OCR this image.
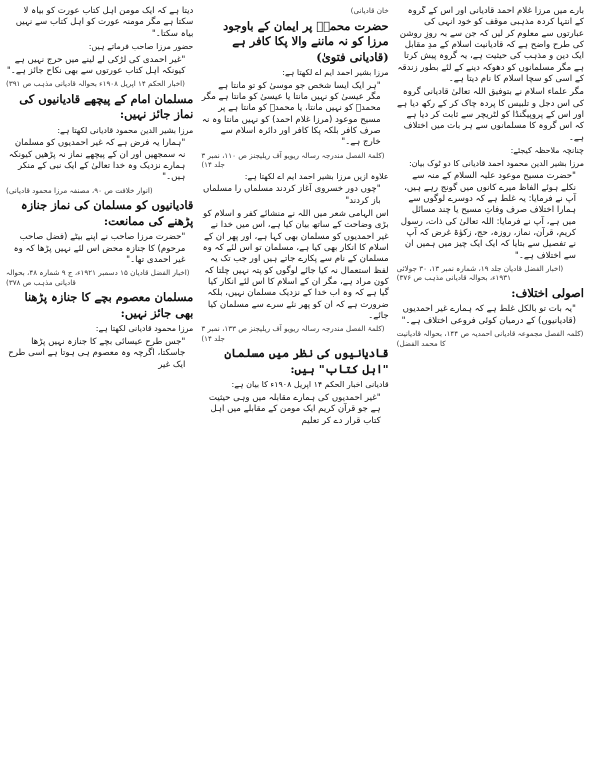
بارے میں مرزا غلام احمد قادیانی اور اس کے گروہ کے انتہا کردہ مذہبی موقف کو خود انہی کی عبارتوں سے معلوم کر لیں کہ جن سے بہ روزِ روشن کی طرح واضح ہے کہ قادیانیت اسلام کے مدِ مقابل ایک دین و مذہب کی حیثیت ہے، یہ گروہ پیش کرتا ہے مگر مسلمانوں کو دھوکہ دینے کے لئے بطور زندقہ کے اسی کو سچا اسلام کا نام دیتا ہے۔

مگر علماء اسلام نے بتوفیق اللہ تعالیٰ قادیانی گروہ کی اس دجل و تلبیس کا پردہ چاک کر کے رکھ دیا ہے اور اس کے پروپیگنڈا کو لٹریچر سے ثابت کر دیا ہے کہ اس گروہ کا مسلمانوں سے ہر بات میں اختلاف ہے۔

چنانچہ ملاحظہ کیجئے:

مرزا بشیر الدین محمود احمد قادیانی کا دو ٹوک بیان:

"حضرت مسیح موعود علیہ السلام کے منہ سے نکلے ہوئے الفاظ میرے کانوں میں گونج رہے ہیں، آپ نے فرمایا: یہ غلط ہے کہ دوسرے لوگوں سے ہمارا اختلاف صرف وفاتِ مسیح یا چند مسائل میں ہے، آپ نے فرمایا: اللہ تعالیٰ کی ذات، رسول کریم، قرآن، نماز، روزہ، حج، زکوٰۃ غرض کہ آپ نے تفصیل سے بتایا کہ ایک ایک چیز میں ہمیں ان سے اختلاف ہے۔"

(اخبار الفضل قادیان جلد ۱۹، شمارہ نمبر ۱۳، ۳۰ جولائی ۱۹۳۱ء، بحوالہ قادیانی مذہب ص ۳۷۶)
اصولی اختلاف:

"یہ بات تو بالکل غلط ہے کہ ہمارے غیر احمدیوں (قادیانیوں) کے درمیان کوئی فروعی اختلاف ہے۔"

(کلمہ الفصل مجموعہ قادیانی احمدیہ ص ۱۴۴، بحوالہ قادیانیت کا محمد الفضل)
خان قادیانی)
حضرت محمدؐ پر ایمان کے باوجود مرزا کو نہ ماننے والا پکا کافر ہے (قادیانی فتویٰ)

مرزا بشیر احمد ایم اے لکھتا ہے:

"ہر ایک ایسا شخص جو موسیٰ کو تو مانتا ہے مگر عیسیٰ کو نہیں مانتا یا عیسیٰ کو مانتا ہے مگر محمدؐ کو نہیں مانتا، یا محمدؐ کو مانتا ہے پر مسیح موعود (مرزا غلام احمد) کو نہیں مانتا وہ نہ صرف کافر بلکہ پکا کافر اور دائرہ اسلام سے خارج ہے۔"

(کلمۃ الفصل مندرجہ رسالہ ریویو آف ریلیجنز ص ۱۱۰، نمبر ۳ جلد ۱۴)

علاوہ ازیں مرزا بشیر احمد ایم اے لکھتا ہے:

"چوں دور خسروی آغاز کردند مسلماں را مسلماں باز کردند"

اس الہامی شعر میں اللہ نے منشائے کفر و اسلام کو بڑی وضاحت کے ساتھ بیان کیا ہے، اس میں خدا نے غیر احمدیوں کو مسلمان بھی کہا ہے، اور پھر ان کے اسلام کا انکار بھی کیا ہے، مسلمان تو اس لئے کہ وہ مسلمان کے نام سے پکارے جاتے ہیں اور جب تک یہ لفظ استعمال نہ کیا جائے لوگوں کو پتہ نہیں چلتا کہ کون مراد ہے، مگر ان کے اسلام کا اس لئے انکار کیا گیا ہے کہ وہ اب خدا کے نزدیک مسلمان نہیں، بلکہ ضرورت ہے کہ ان کو پھر نئے سرے سے مسلمان کیا جائے۔

(کلمۃ الفصل مندرجہ رسالہ ریویو آف ریلیجنز ص ۱۳۳، نمبر ۳ جلد ۱۴)
قادیانیوں کی نظر میں مسلمان "اہل کتاب" ہیں:

قادیانی اخبار الحکم ۱۴ اپریل ۱۹۰۸ء کا بیان ہے:

"غیر احمدیوں کی ہمارے مقابلہ میں وہی حیثیت ہے جو قرآن کریم ایک مومن کے مقابلے میں اہل کتاب قرار دے کر تعلیم

دیتا ہے کہ ایک مومن اہل کتاب عورت کو بیاہ لا سکتا ہے مگر مومنہ عورت کو اہل کتاب سے نہیں بیاہ سکتا۔"

حضور مرزا صاحب فرماتے ہیں:

"غیر احمدی کی لڑکی لے لینے میں حرج نہیں ہے کیونکہ اہل کتاب عورتوں سے بھی نکاح جائز ہے۔"

(اخبار الحکم ۱۴ اپریل ۱۹۰۸ء بحوالہ قادیانی مذہب ص ۳۹۱)
مسلمان امام کے پیچھے قادیانیوں کی نماز جائز نہیں:

مرزا بشیر الدین محمود قادیانی لکھتا ہے:

"ہمارا یہ فرض ہے کہ غیر احمدیوں کو مسلمان نہ سمجھیں اور ان کے پیچھے نماز نہ پڑھیں کیونکہ ہمارے نزدیک وہ خدا تعالیٰ کے ایک نبی کے منکر ہیں۔"

(انوار خلافت ص ۹۰، مصنفہ مرزا محمود قادیانی)
قادیانیوں کو مسلمان کی نماز جنازہ پڑھنے کی ممانعت:

"حضرت مرزا صاحب نے اپنے بیٹے (فضل صاحب مرحوم) کا جنازہ محض اس لئے نہیں پڑھا کہ وہ غیر احمدی تھا۔"

(اخبار الفضل قادیان ۱۵ دسمبر ۱۹۲۱ء، ج ۹ شمارہ ۴۸، بحوالہ قادیانی مذہب ص ۳۷۸)
مسلمان معصوم بچے کا جنازہ پڑھنا بھی جائز نہیں:

مرزا محمود قادیانی لکھتا ہے:

"جس طرح عیسائی بچے کا جنازہ نہیں پڑھا جاسکتا، اگرچہ وہ معصوم ہی ہوتا ہے اسی طرح ایک غیر
